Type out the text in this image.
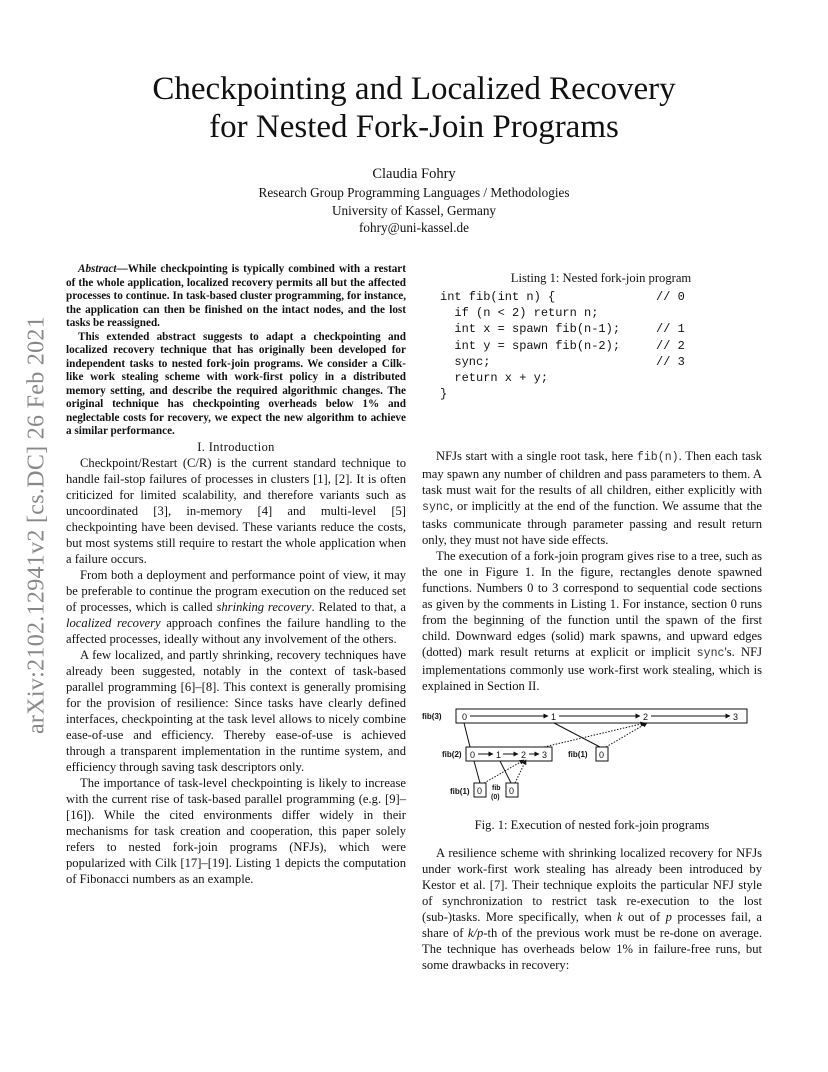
arXiv:2102.12941v2 [cs.DC] 26 Feb 2021
Checkpointing and Localized Recovery
for Nested Fork-Join Programs
Claudia Fohry
Research Group Programming Languages / Methodologies
University of Kassel, Germany
fohry@uni-kassel.de

Abstract—While checkpointing is typically combined with a restart of the whole application, localized recovery permits all but the affected processes to continue. In task-based cluster programming, for instance, the application can then be finished on the intact nodes, and the lost tasks be reassigned.

This extended abstract suggests to adapt a checkpointing and localized recovery technique that has originally been developed for independent tasks to nested fork-join programs. We consider a Cilk-like work stealing scheme with work-first policy in a distributed memory setting, and describe the required algorithmic changes. The original technique has checkpointing overheads below 1% and neglectable costs for recovery, we expect the new algorithm to achieve a similar performance.

I. Introduction

Checkpoint/Restart (C/R) is the current standard technique to handle fail-stop failures of processes in clusters [1], [2]. It is often criticized for limited scalability, and therefore variants such as uncoordinated [3], in-memory [4] and multi-level [5] checkpointing have been devised. These variants reduce the costs, but most systems still require to restart the whole application when a failure occurs.

From both a deployment and performance point of view, it may be preferable to continue the program execution on the reduced set of processes, which is called shrinking recovery. Related to that, a localized recovery approach confines the failure handling to the affected processes, ideally without any involvement of the others.

A few localized, and partly shrinking, recovery techniques have already been suggested, notably in the context of task-based parallel programming [6]–[8]. This context is generally promising for the provision of resilience: Since tasks have clearly defined interfaces, checkpointing at the task level allows to nicely combine ease-of-use and efficiency. Thereby ease-of-use is achieved through a transparent implementation in the runtime system, and efficiency through saving task descriptors only.

The importance of task-level checkpointing is likely to increase with the current rise of task-based parallel programming (e.g. [9]–[16]). While the cited environments differ widely in their mechanisms for task creation and cooperation, this paper solely refers to nested fork-join programs (NFJs), which were popularized with Cilk [17]–[19]. Listing 1 depicts the computation of Fibonacci numbers as an example.

Listing 1: Nested fork-join program
int fib(int n) {              // 0
if (n < 2) return n;
int x = spawn fib(n-1);     // 1
int y = spawn fib(n-2);     // 2
sync;                       // 3
return x + y;
}

NFJs start with a single root task, here fib(n). Then each task may spawn any number of children and pass parameters to them. A task must wait for the results of all children, either explicitly with sync, or implicitly at the end of the function. We assume that the tasks communicate through parameter passing and result return only, they must not have side effects.

The execution of a fork-join program gives rise to a tree, such as the one in Figure 1. In the figure, rectangles denote spawned functions. Numbers 0 to 3 correspond to sequential code sections as given by the comments in Listing 1. For instance, section 0 runs from the beginning of the function until the spawn of the first child. Downward edges (solid) mark spawns, and upward edges (dotted) mark result returns at explicit or implicit sync's. NFJ implementations commonly use work-first work stealing, which is explained in Section II.

fib(3) 0	1	2	3
fib(2) 0 1 2 3	fib(1) 0
fib(1) 0 fib
(0)
0
Fig. 1: Execution of nested fork-join programs

A resilience scheme with shrinking localized recovery for NFJs under work-first work stealing has already been introduced by Kestor et al. [7]. Their technique exploits the particular NFJ style of synchronization to restrict task re-execution to the lost (sub-)tasks. More specifically, when k out of p processes fail, a share of k/p-th of the previous work must be re-done on average. The technique has overheads below 1% in failure-free runs, but some drawbacks in recovery:
